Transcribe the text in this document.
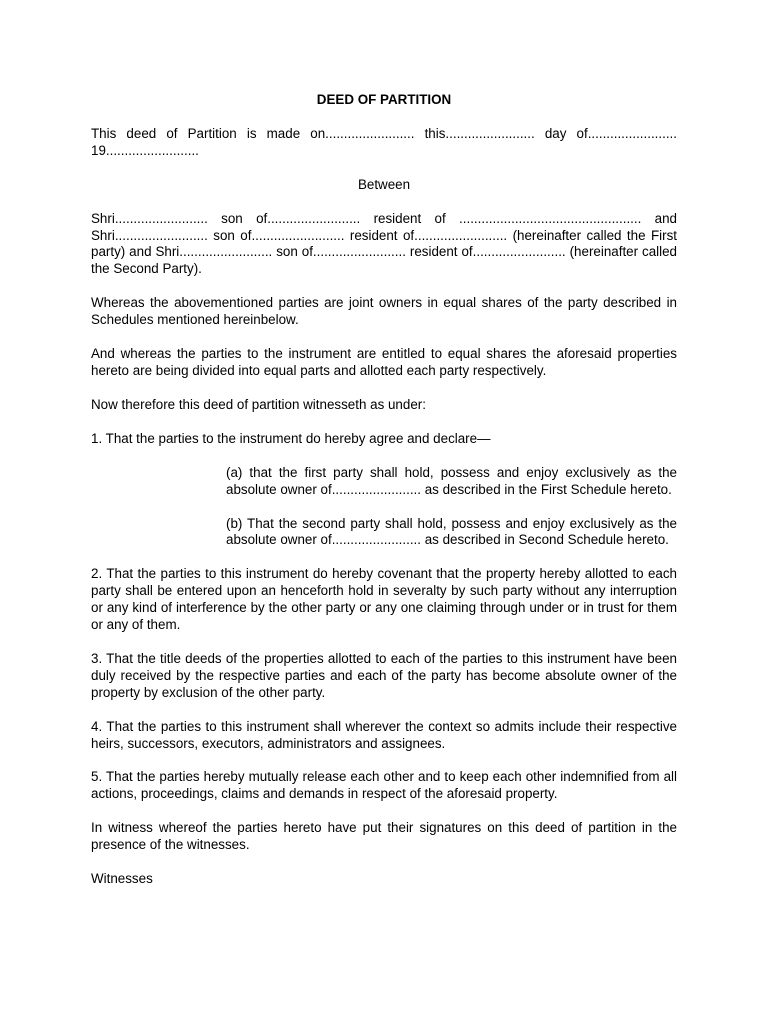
DEED OF PARTITION

This deed of Partition is made on........................ this........................ day of........................ 19.........................

Between

Shri......................... son of......................... resident of ................................................. and Shri......................... son of......................... resident of......................... (hereinafter called the First party) and Shri......................... son of......................... resident of......................... (hereinafter called the Second Party).

Whereas the abovementioned parties are joint owners in equal shares of the party described in Schedules mentioned hereinbelow.

And whereas the parties to the instrument are entitled to equal shares the aforesaid properties hereto are being divided into equal parts and allotted each party respectively.

Now therefore this deed of partition witnesseth as under:

1. That the parties to the instrument do hereby agree and declare—

(a) that the first party shall hold, possess and enjoy exclusively as the absolute owner of........................ as described in the First Schedule hereto.

(b) That the second party shall hold, possess and enjoy exclusively as the absolute owner of........................ as described in Second Schedule hereto.

2. That the parties to this instrument do hereby covenant that the property hereby allotted to each party shall be entered upon an henceforth hold in severalty by such party without any interruption or any kind of interference by the other party or any one claiming through under or in trust for them or any of them.

3. That the title deeds of the properties allotted to each of the parties to this instrument have been duly received by the respective parties and each of the party has become absolute owner of the property by exclusion of the other party.

4. That the parties to this instrument shall wherever the context so admits include their respective heirs, successors, executors, administrators and assignees.

5. That the parties hereby mutually release each other and to keep each other indemnified from all actions, proceedings, claims and demands in respect of the aforesaid property.

In witness whereof the parties hereto have put their signatures on this deed of partition in the presence of the witnesses.

Witnesses
